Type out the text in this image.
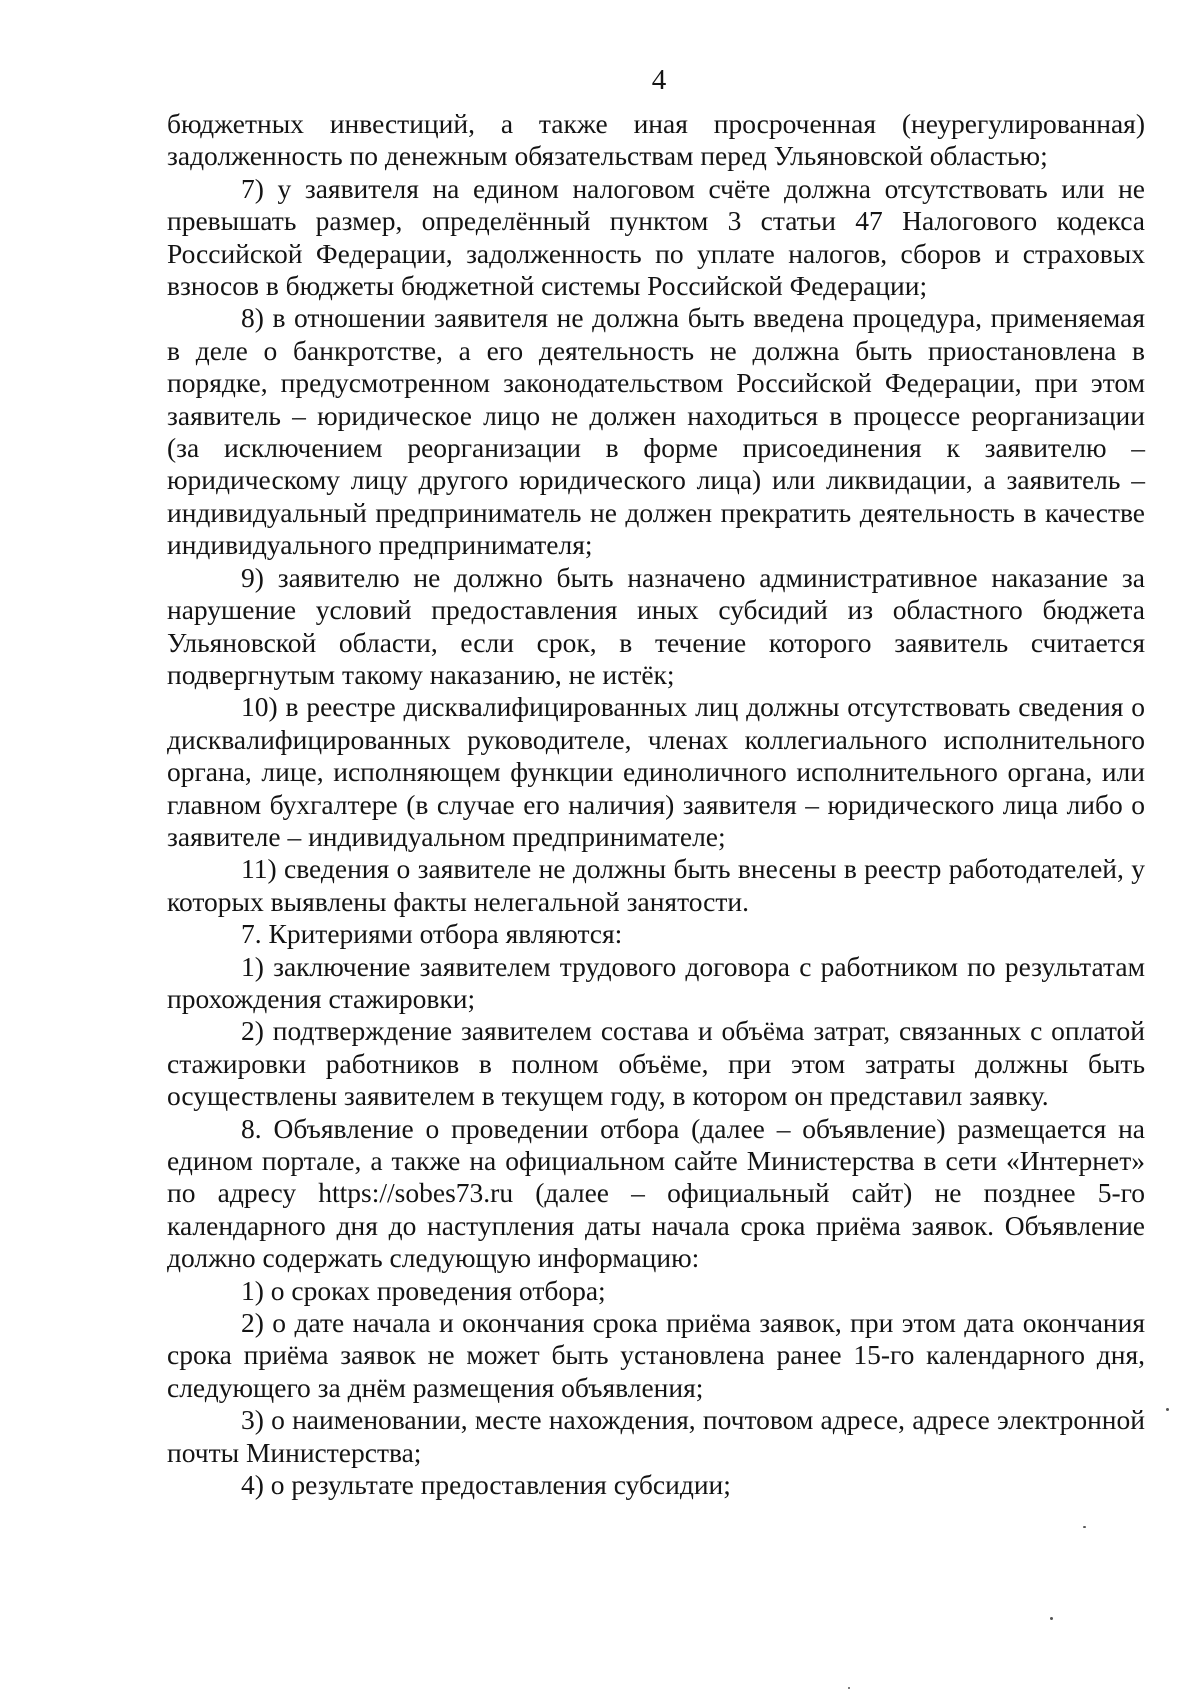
4

бюджетных инвестиций, а также иная просроченная (неурегулированная) задолженность по денежным обязательствам перед Ульяновской областью;

7) у заявителя на едином налоговом счёте должна отсутствовать или не превышать размер, определённый пунктом 3 статьи 47 Налогового кодекса Российской Федерации, задолженность по уплате налогов, сборов и страховых взносов в бюджеты бюджетной системы Российской Федерации;

8) в отношении заявителя не должна быть введена процедура, применяемая в деле о банкротстве, а его деятельность не должна быть приостановлена в порядке, предусмотренном законодательством Российской Федерации, при этом заявитель – юридическое лицо не должен находиться в процессе реорганизации (за исключением реорганизации в форме присоединения к заявителю – юридическому лицу другого юридического лица) или ликвидации, а заявитель – индивидуальный предприниматель не должен прекратить деятельность в качестве индивидуального предпринимателя;

9) заявителю не должно быть назначено административное наказание за нарушение условий предоставления иных субсидий из областного бюджета Ульяновской области, если срок, в течение которого заявитель считается подвергнутым такому наказанию, не истёк;

10) в реестре дисквалифицированных лиц должны отсутствовать сведения о дисквалифицированных руководителе, членах коллегиального исполнительного органа, лице, исполняющем функции единоличного исполнительного органа, или главном бухгалтере (в случае его наличия) заявителя – юридического лица либо о заявителе – индивидуальном предпринимателе;

11) сведения о заявителе не должны быть внесены в реестр работодателей, у которых выявлены факты нелегальной занятости.

7. Критериями отбора являются:

1) заключение заявителем трудового договора с работником по результатам прохождения стажировки;

2) подтверждение заявителем состава и объёма затрат, связанных с оплатой стажировки работников в полном объёме, при этом затраты должны быть осуществлены заявителем в текущем году, в котором он представил заявку.

8. Объявление о проведении отбора (далее – объявление) размещается на едином портале, а также на официальном сайте Министерства в сети «Интернет» по адресу https://sobes73.ru (далее – официальный сайт) не позднее 5-го календарного дня до наступления даты начала срока приёма заявок. Объявление должно содержать следующую информацию:

1) о сроках проведения отбора;

2) о дате начала и окончания срока приёма заявок, при этом дата окончания срока приёма заявок не может быть установлена ранее 15-го календарного дня, следующего за днём размещения объявления;

3) о наименовании, месте нахождения, почтовом адресе, адресе электронной почты Министерства;

4) о результате предоставления субсидии;
